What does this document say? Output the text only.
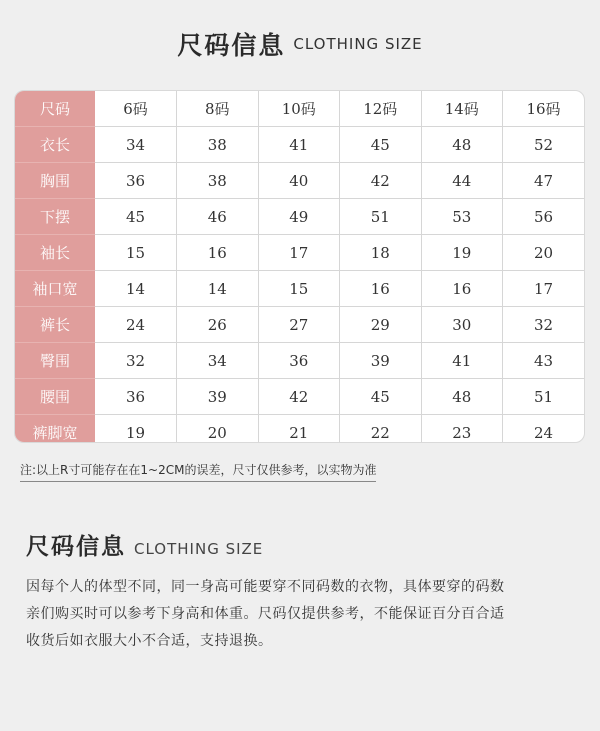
尺码信息 CLOTHING SIZE
尺码	6码	8码	10码	12码	14码	16码
衣长	34	38	41	45	48	52
胸围	36	38	40	42	44	47
下摆	45	46	49	51	53	56
袖长	15	16	17	18	19	20
袖口宽	14	14	15	16	16	17
裤长	24	26	27	29	30	32
臀围	32	34	36	39	41	43
腰围	36	39	42	45	48	51
裤脚宽	19	20	21	22	23	24
注:以上R寸可能存在在1~2CM的误差，尺寸仅供参考，以实物为准
尺码信息 CLOTHING SIZE
因每个人的体型不同，同一身高可能要穿不同码数的衣物，具体要穿的码数
亲们购买时可以参考下身高和体重。尺码仅提供参考，不能保证百分百合适
收货后如衣服大小不合适，支持退换。
